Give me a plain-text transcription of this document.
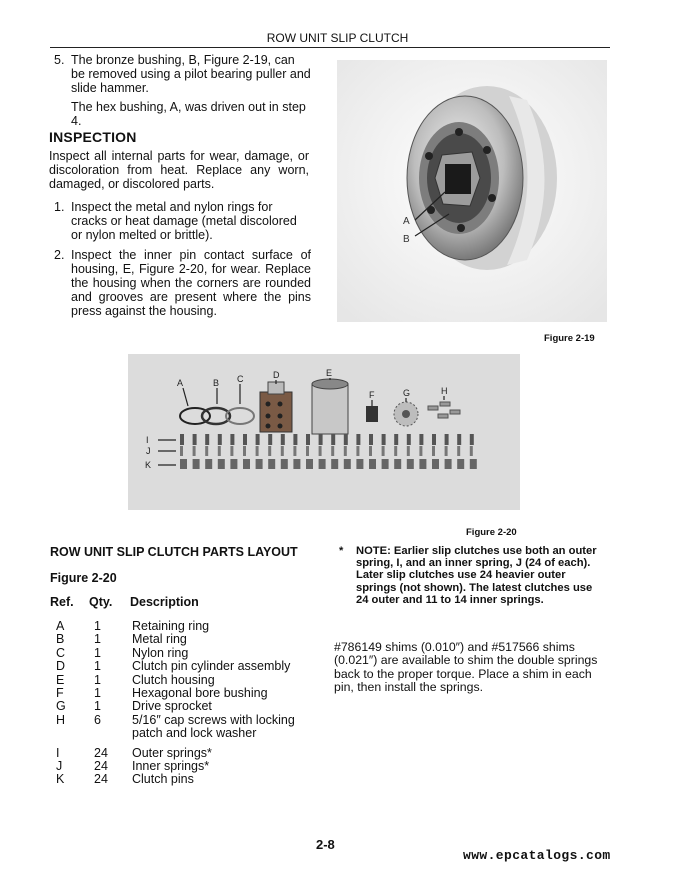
ROW UNIT SLIP CLUTCH
5. The bronze bushing, B, Figure 2-19, can be removed using a pilot bearing puller and slide hammer.

The hex bushing, A, was driven out in step 4.

INSPECTION

Inspect all internal parts for wear, damage, or discoloration from heat. Replace any worn, damaged, or discolored parts.

1. Inspect the metal and nylon rings for cracks or heat damage (metal discolored or nylon melted or brittle).
2. Inspect the inner pin contact surface of housing, E, Figure 2-20, for wear. Replace the housing when the corners are rounded and grooves are present where the pins press against the housing.
A
B
Figure 2-19
A	B C	D	E
F	G	H
I
J
K
Figure 2-20
ROW UNIT SLIP CLUTCH PARTS LAYOUT
Figure 2-20
Ref. Qty. Description
A 1 Retaining ring
B 1 Metal ring
C 1 Nylon ring
D 1 Clutch pin cylinder assembly
E 1 Clutch housing
F 1 Hexagonal bore bushing
G 1 Drive sprocket
H 6 5/16″ cap screws with locking
patch and lock washer
I	24 Outer springs*
J	24 Inner springs*
K 24 Clutch pins
* NOTE: Earlier slip clutches use both an outer
spring, I, and an inner spring, J (24 of each).
Later slip clutches use 24 heavier outer
springs (not shown). The latest clutches use
24 outer and 11 to 14 inner springs.
#786149 shims (0.010″) and #517566 shims
(0.021″) are available to shim the double springs
back to the proper torque. Place a shim in each
pin, then install the springs.
2-8
www.epcatalogs.com
